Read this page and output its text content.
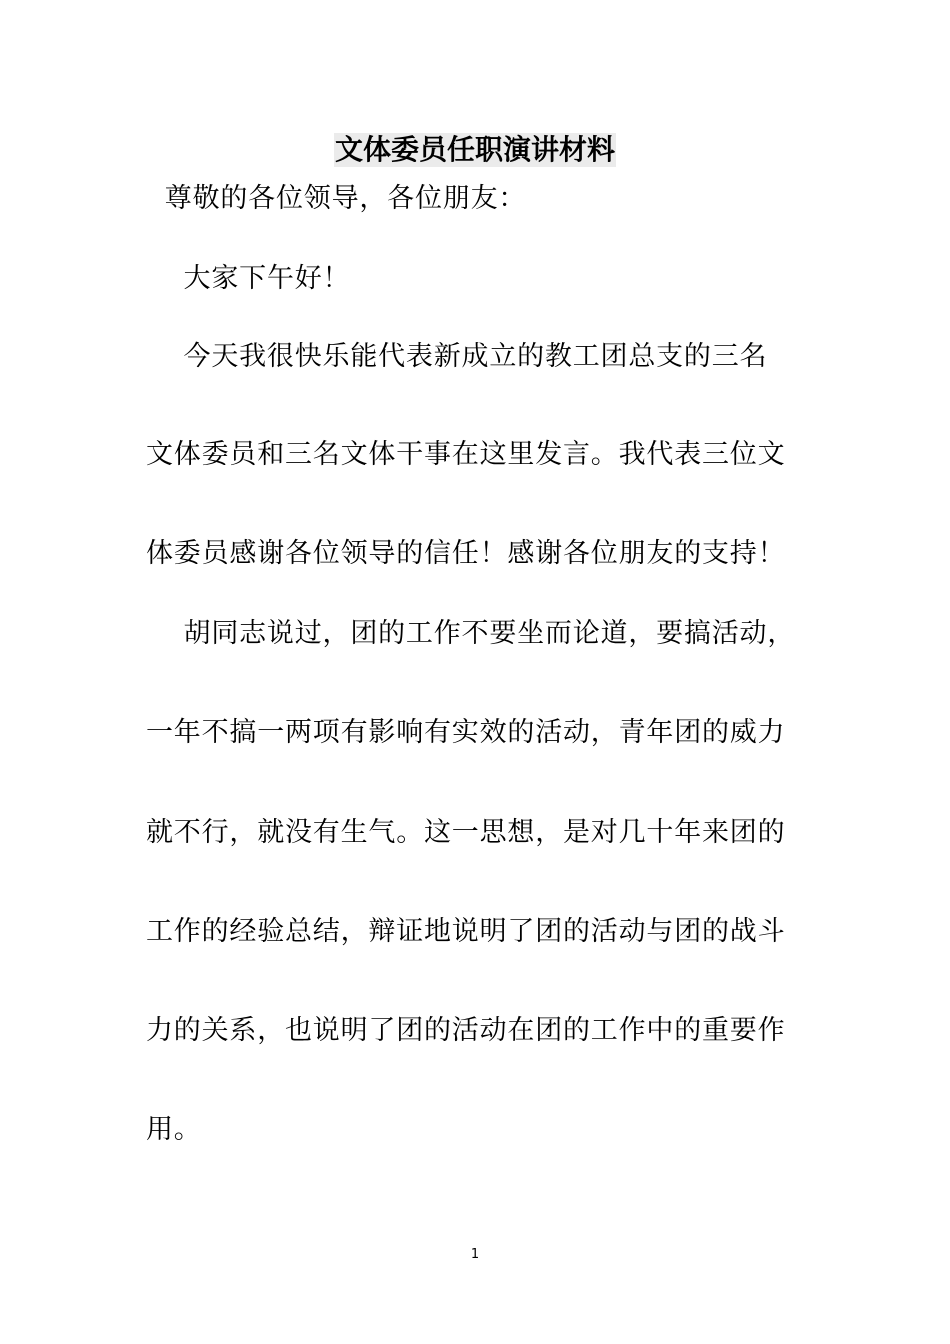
文体委员任职演讲材料
尊敬的各位领导，各位朋友：
大家下午好！
今天我很快乐能代表新成立的教工团总支的三名
文体委员和三名文体干事在这里发言。我代表三位文
体委员感谢各位领导的信任！感谢各位朋友的支持！
胡同志说过，团的工作不要坐而论道，要搞活动，
一年不搞一两项有影响有实效的活动，青年团的威力
就不行，就没有生气。这一思想，是对几十年来团的
工作的经验总结，辩证地说明了团的活动与团的战斗
力的关系，也说明了团的活动在团的工作中的重要作
用。
1
